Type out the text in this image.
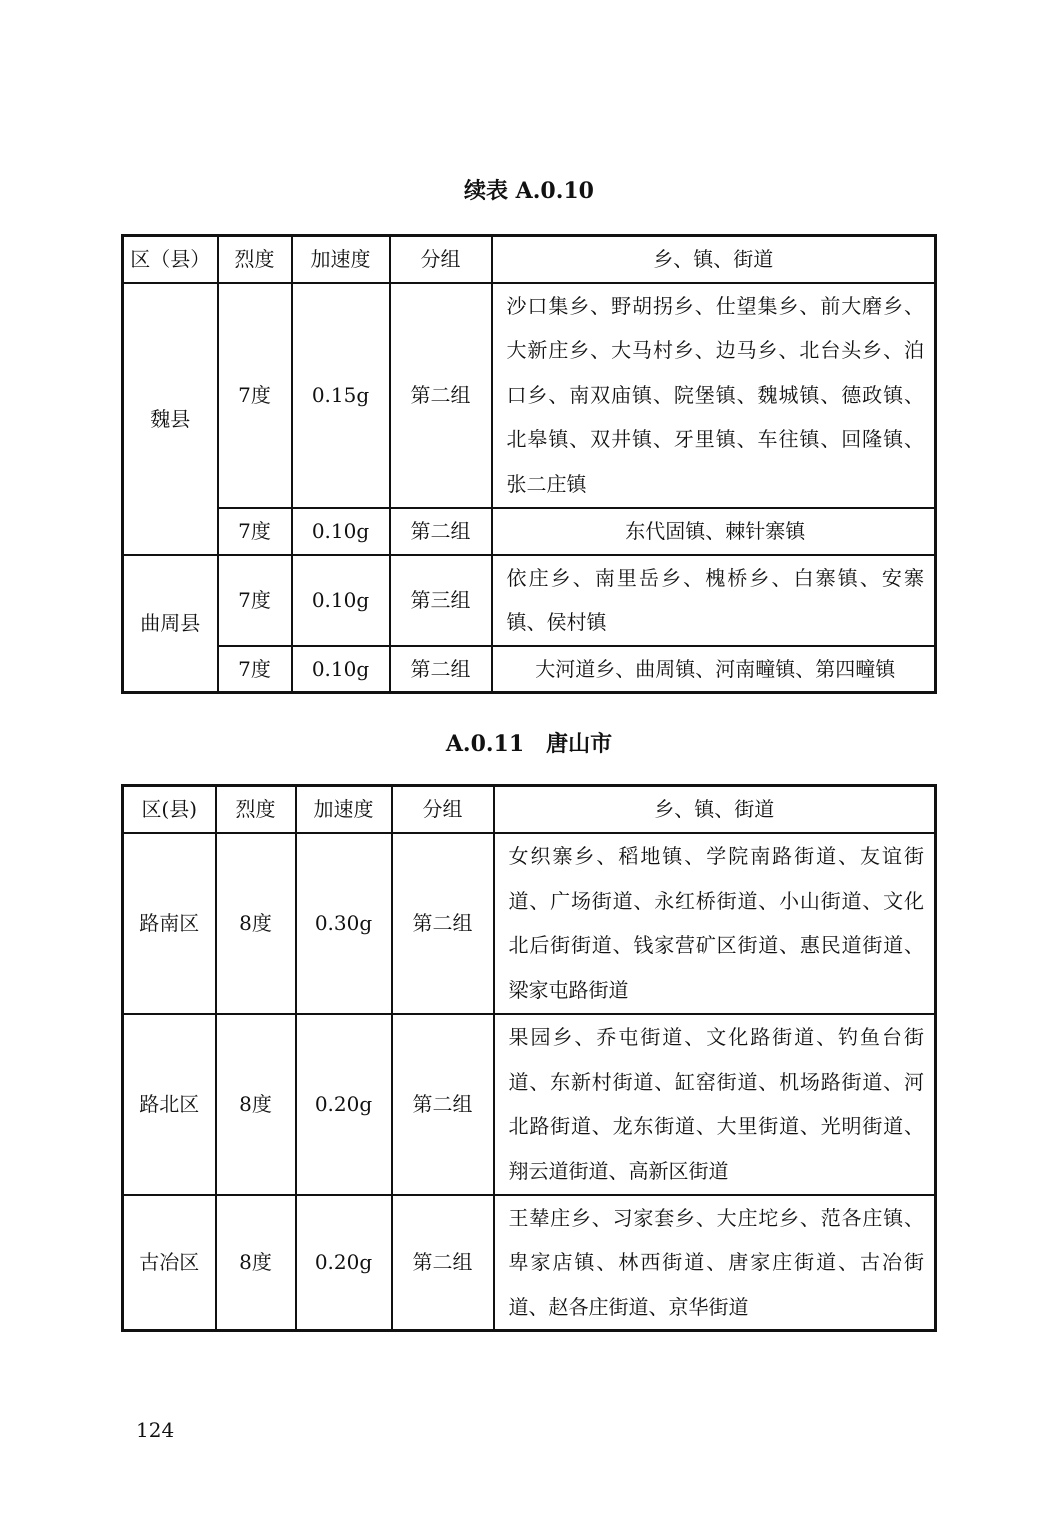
续表 A.0.10
区（县）	烈度	加速度	分组	乡、镇、街道
魏县	7度	0.15g	第二组	沙口集乡、野胡拐乡、仕望集乡、前大磨乡、大新庄乡、大马村乡、边马乡、北台头乡、泊口乡、南双庙镇、院堡镇、魏城镇、德政镇、北皋镇、双井镇、牙里镇、车往镇、回隆镇、张二庄镇
	7度	0.10g	第二组	东代固镇、棘针寨镇
曲周县	7度	0.10g	第三组	依庄乡、南里岳乡、槐桥乡、白寨镇、安寨镇、侯村镇
	7度	0.10g	第二组	大河道乡、曲周镇、河南疃镇、第四疃镇
A.0.11　唐山市
区(县)	烈度	加速度	分组	乡、镇、街道
路南区	8度	0.30g	第二组	女织寨乡、稻地镇、学院南路街道、友谊街道、广场街道、永红桥街道、小山街道、文化北后街街道、钱家营矿区街道、惠民道街道、梁家屯路街道
路北区	8度	0.20g	第二组	果园乡、乔屯街道、文化路街道、钓鱼台街道、东新村街道、缸窑街道、机场路街道、河北路街道、龙东街道、大里街道、光明街道、翔云道街道、高新区街道
古冶区	8度	0.20g	第二组	王辇庄乡、习家套乡、大庄坨乡、范各庄镇、卑家店镇、林西街道、唐家庄街道、古冶街道、赵各庄街道、京华街道
124
